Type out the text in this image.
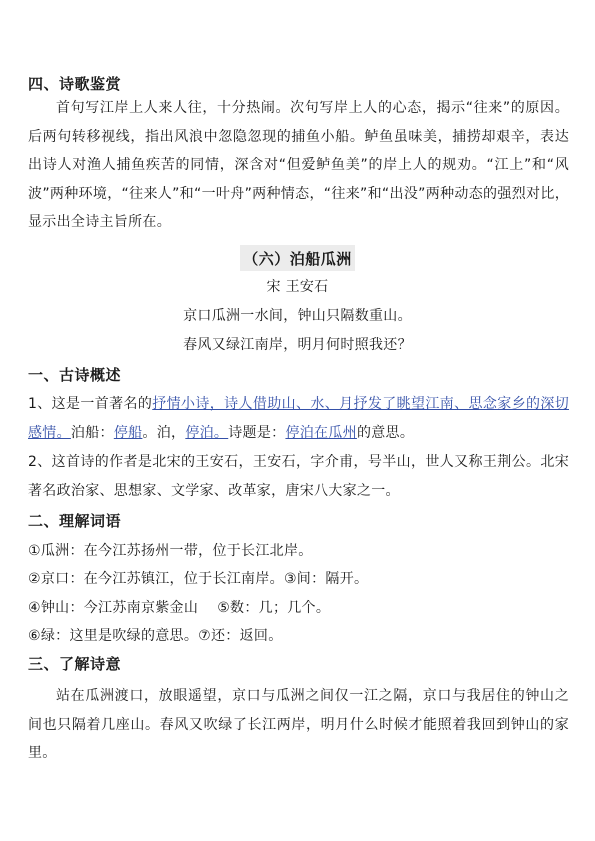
四、诗歌鉴赏

首句写江岸上人来人往，十分热闹。次句写岸上人的心态，揭示“往来”的原因。后两句转移视线，指出风浪中忽隐忽现的捕鱼小船。鲈鱼虽味美，捕捞却艰辛，表达出诗人对渔人捕鱼疾苦的同情，深含对“但爱鲈鱼美”的岸上人的规劝。“江上”和“风波”两种环境，“往来人”和“一叶舟”两种情态，“往来”和“出没”两种动态的强烈对比，显示出全诗主旨所在。

（六）泊船瓜洲

宋 王安石

京口瓜洲一水间，钟山只隔数重山。

春风又绿江南岸，明月何时照我还？

一、古诗概述

1、这是一首著名的抒情小诗，诗人借助山、水、月抒发了眺望江南、思念家乡的深切感情。泊船：停船。泊，停泊。诗题是：停泊在瓜州的意思。

2、这首诗的作者是北宋的王安石，王安石，字介甫，号半山，世人又称王荆公。北宋著名政治家、思想家、文学家、改革家，唐宋八大家之一。

二、理解词语

①瓜洲：在今江苏扬州一带，位于长江北岸。

②京口：在今江苏镇江，位于长江南岸。③间：隔开。

④钟山：今江苏南京紫金山　 ⑤数：几；几个。

⑥绿：这里是吹绿的意思。⑦还：返回。

三、了解诗意

站在瓜洲渡口，放眼遥望，京口与瓜洲之间仅一江之隔，京口与我居住的钟山之间也只隔着几座山。春风又吹绿了长江两岸，明月什么时候才能照着我回到钟山的家里。
